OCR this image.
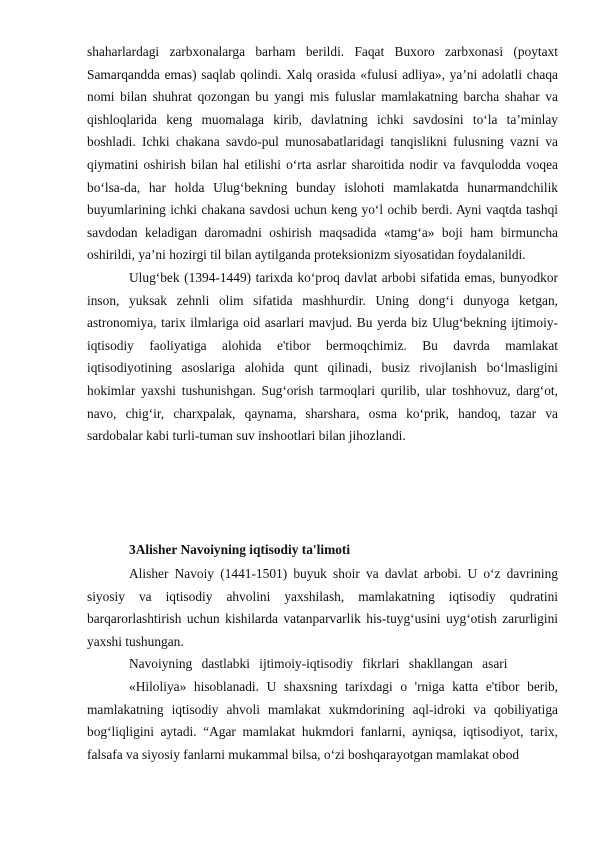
shaharlardagi zarbxonalarga barham berildi. Faqat Buxoro zarbxonasi (poytaxt Samarqandda emas) saqlab qolindi. Xalq orasida «fulusi adliya», ya’ni adolatli chaqa nomi bilan shuhrat qozongan bu yangi mis fuluslar mamlakatning barcha shahar va qishloqlarida keng muomalaga kirib, davlatning ichki savdosini to‘la ta’minlay boshladi. Ichki chakana savdo-pul munosabatlaridagi tanqislikni fulusning vazni va qiymatini oshirish bilan hal etilishi o‘rta asrlar sharoitida nodir va favqulodda voqea bo‘lsa-da, har holda Ulug‘bekning bunday islohoti mamlakatda hunarmandchilik buyumlarining ichki chakana savdosi uchun keng yo‘l ochib berdi. Ayni vaqtda tashqi savdodan keladigan daromadni oshirish maqsadida «tamg‘a» boji ham birmuncha oshirildi, ya’ni hozirgi til bilan aytilganda proteksionizm siyosatidan foydalanildi.

Ulug‘bek (1394-1449) tarixda ko‘proq davlat arbobi sifatida emas, bunyodkor inson, yuksak zehnli olim sifatida mashhurdir. Uning dong‘i dunyoga ketgan, astronomiya, tarix ilmlariga oid asarlari mavjud. Bu yerda biz Ulug‘bekning ijtimoiy-iqtisodiy faoliyatiga alohida e'tibor bermoqchimiz. Bu davrda mamlakat iqtisodiyotining asoslariga alohida qunt qilinadi, busiz rivojlanish bo‘lmasligini hokimlar yaxshi tushunishgan. Sug‘orish tarmoqlari qurilib, ular toshhovuz, darg‘ot, navo, chig‘ir, charxpalak, qaynama, sharshara, osma ko‘prik, handoq, tazar va sardobalar kabi turli-tuman suv inshootlari bilan jihozlandi.

3Alisher Navoiyning iqtisodiy ta'limoti

Alisher Navoiy (1441-1501) buyuk shoir va davlat arbobi. U o‘z davrining siyosiy va iqtisodiy ahvolini yaxshilash, mamlakatning iqtisodiy qudratini barqarorlashtirish uchun kishilarda vatanparvarlik his-tuyg‘usini uyg‘otish zarurligini yaxshi tushungan.

Navoiyning dastlabki ijtimoiy-iqtisodiy fikrlari shakllangan asari

«Hiloliya» hisoblanadi. U shaxsning tarixdagi o 'rniga katta e'tibor berib, mamlakatning iqtisodiy ahvoli mamlakat xukmdorining aql-idroki va qobiliyatiga bog‘liqligini aytadi. “Agar mamlakat hukmdori fanlarni, ayniqsa, iqtisodiyot, tarix, falsafa va siyosiy fanlarni mukammal bilsa, o‘zi boshqarayotgan mamlakat obod
